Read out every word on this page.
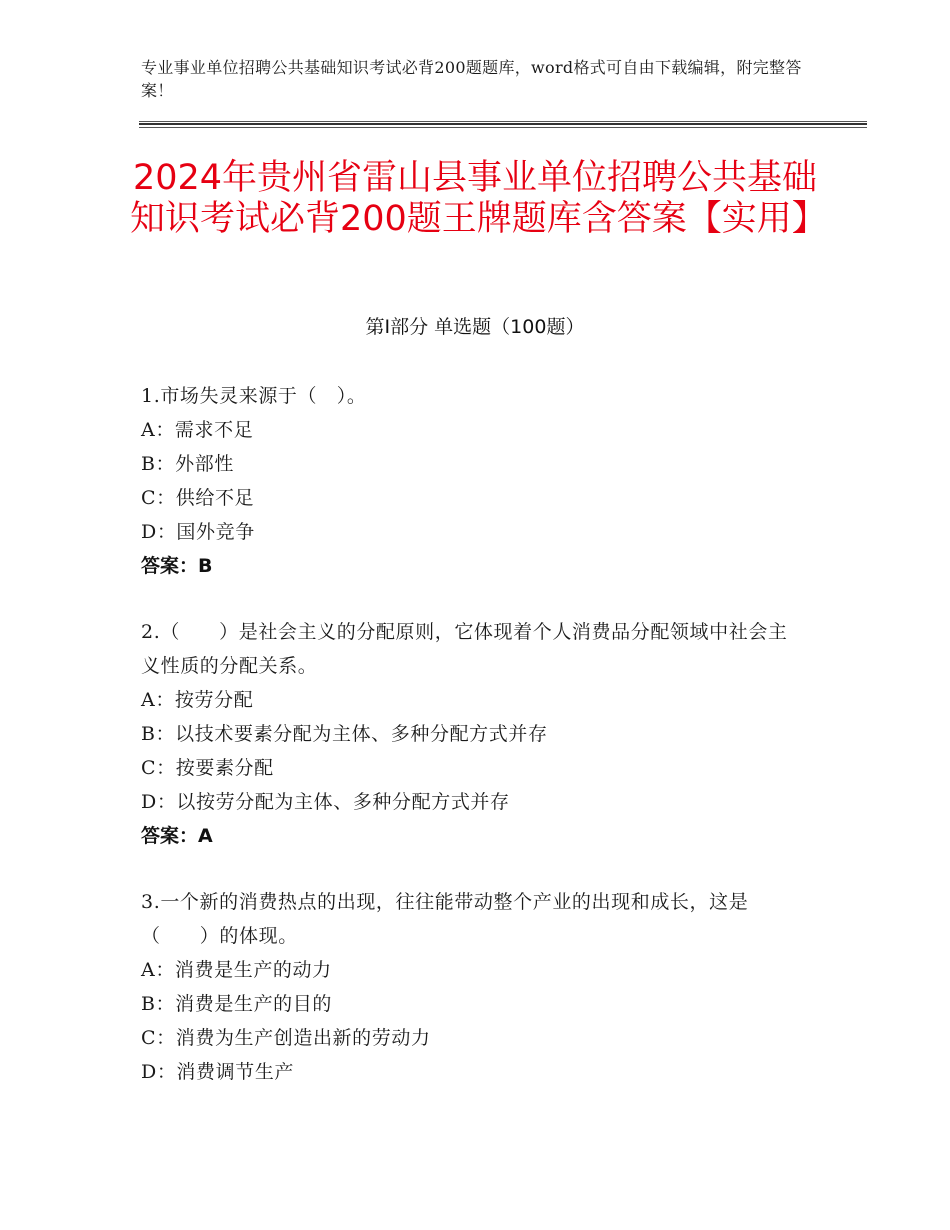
专业事业单位招聘公共基础知识考试必背200题题库，word格式可自由下载编辑，附完整答案！
2024年贵州省雷山县事业单位招聘公共基础知识考试必背200题王牌题库含答案【实用】
第Ⅰ部分 单选题（100题）
1.市场失灵来源于（　）。
A：需求不足
B：外部性
C：供给不足
D：国外竞争
答案：B
2.（　　）是社会主义的分配原则，它体现着个人消费品分配领域中社会主义性质的分配关系。
A：按劳分配
B：以技术要素分配为主体、多种分配方式并存
C：按要素分配
D：以按劳分配为主体、多种分配方式并存
答案：A
3.一个新的消费热点的出现，往往能带动整个产业的出现和成长，这是（　　）的体现。
A：消费是生产的动力
B：消费是生产的目的
C：消费为生产创造出新的劳动力
D：消费调节生产
